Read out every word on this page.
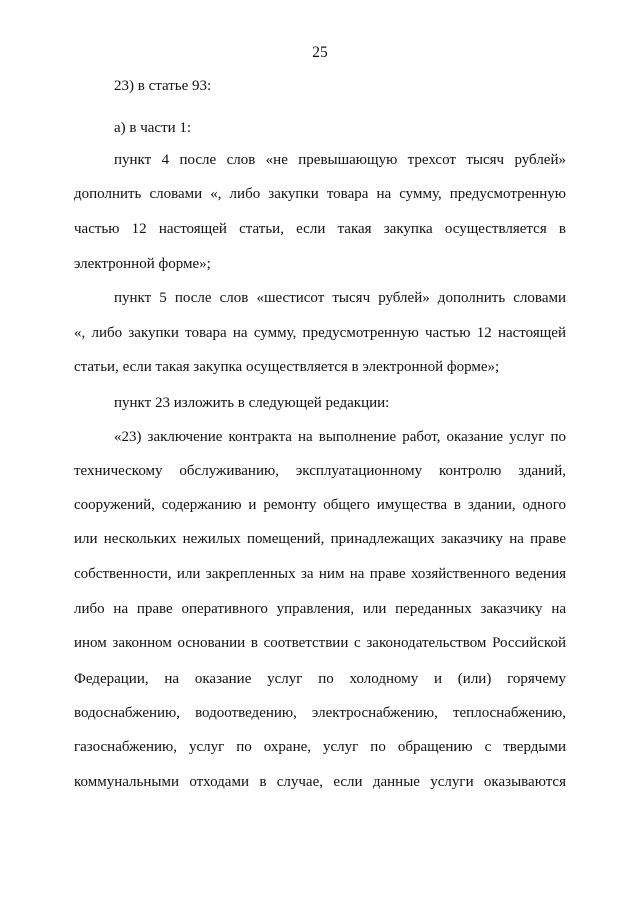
25
23) в статье 93:
а) в части 1:
пункт 4 после слов «не превышающую трехсот тысяч рублей»
дополнить словами «, либо закупки товара на сумму, предусмотренную
частью 12 настоящей статьи, если такая закупка осуществляется в
электронной форме»;
пункт 5 после слов «шестисот тысяч рублей» дополнить словами
«, либо закупки товара на сумму, предусмотренную частью 12 настоящей
статьи, если такая закупка осуществляется в электронной форме»;
пункт 23 изложить в следующей редакции:
«23) заключение контракта на выполнение работ, оказание услуг по
техническому обслуживанию, эксплуатационному контролю зданий,
сооружений, содержанию и ремонту общего имущества в здании, одного
или нескольких нежилых помещений, принадлежащих заказчику на праве
собственности, или закрепленных за ним на праве хозяйственного ведения
либо на праве оперативного управления, или переданных заказчику на
ином законном основании в соответствии с законодательством Российской
Федерации, на оказание услуг по холодному и (или) горячему
водоснабжению, водоотведению, электроснабжению, теплоснабжению,
газоснабжению, услуг по охране, услуг по обращению с твердыми
коммунальными отходами в случае, если данные услуги оказываются
